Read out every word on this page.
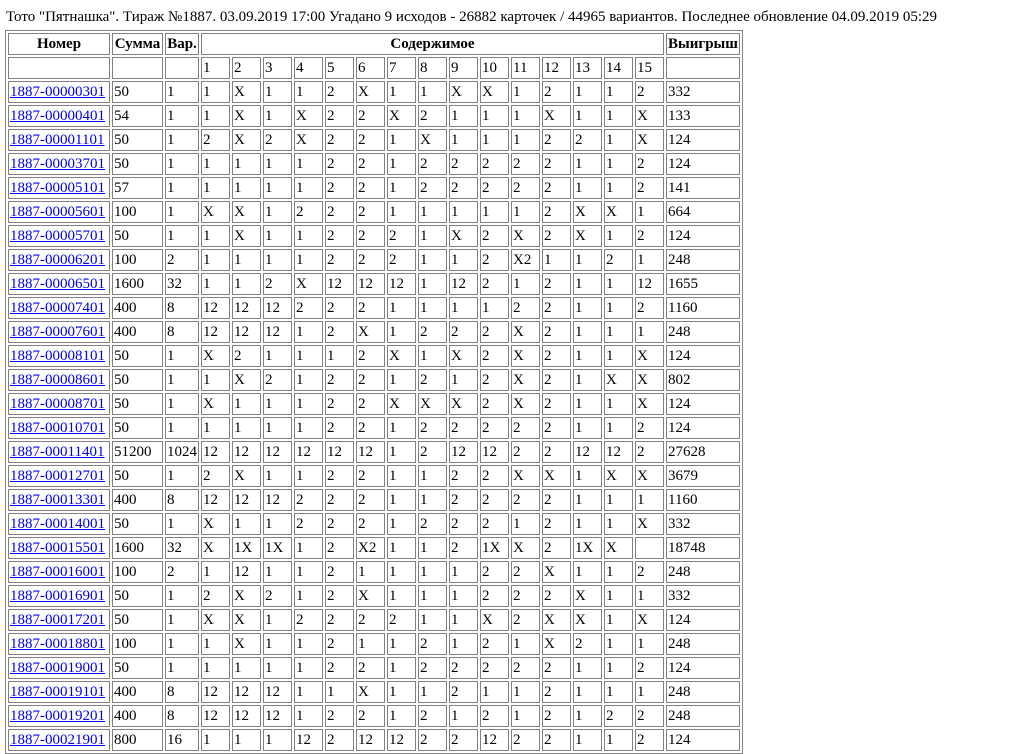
Тото "Пятнашка". Тираж №1887. 03.09.2019 17:00 Угадано 9 исходов - 26882 карточек / 44965 вариантов. Последнее обновление 04.09.2019 05:29
Номер	Сумма	Вар.	Содержимое															Выигрыш
			1	2	3	4	5	6	7	8	9	10	11	12	13	14	15	
1887-00000301	50	1	1	X	1	1	2	X	1	1	X	X	1	2	1	1	2	332
1887-00000401	54	1	1	X	1	X	2	2	X	2	1	1	1	X	1	1	X	133
1887-00001101	50	1	2	X	2	X	2	2	1	X	1	1	1	2	2	1	X	124
1887-00003701	50	1	1	1	1	1	2	2	1	2	2	2	2	2	1	1	2	124
1887-00005101	57	1	1	1	1	1	2	2	1	2	2	2	2	2	1	1	2	141
1887-00005601	100	1	X	X	1	2	2	2	1	1	1	1	1	2	X	X	1	664
1887-00005701	50	1	1	X	1	1	2	2	2	1	X	2	X	2	X	1	2	124
1887-00006201	100	2	1	1	1	1	2	2	2	1	1	2	X2	1	1	2	1	248
1887-00006501	1600	32	1	1	2	X	12	12	12	1	12	2	1	2	1	1	12	1655
1887-00007401	400	8	12	12	12	2	2	2	1	1	1	1	2	2	1	1	2	1160
1887-00007601	400	8	12	12	12	1	2	X	1	2	2	2	X	2	1	1	1	248
1887-00008101	50	1	X	2	1	1	1	2	X	1	X	2	X	2	1	1	X	124
1887-00008601	50	1	1	X	2	1	2	2	1	2	1	2	X	2	1	X	X	802
1887-00008701	50	1	X	1	1	1	2	2	X	X	X	2	X	2	1	1	X	124
1887-00010701	50	1	1	1	1	1	2	2	1	2	2	2	2	2	1	1	2	124
1887-00011401	51200	1024	12	12	12	12	12	12	1	2	12	12	2	2	12	12	2	27628
1887-00012701	50	1	2	X	1	1	2	2	1	1	2	2	X	X	1	X	X	3679
1887-00013301	400	8	12	12	12	2	2	2	1	1	2	2	2	2	1	1	1	1160
1887-00014001	50	1	X	1	1	2	2	2	1	2	2	2	1	2	1	1	X	332
1887-00015501	1600	32	X	1X	1X	1	2	X2	1	1	2	1X	X	2	1X	X		18748
1887-00016001	100	2	1	12	1	1	2	1	1	1	1	2	2	X	1	1	2	248
1887-00016901	50	1	2	X	2	1	2	X	1	1	1	2	2	2	X	1	1	332
1887-00017201	50	1	X	X	1	2	2	2	2	1	1	X	2	X	X	1	X	124
1887-00018801	100	1	1	X	1	1	2	1	1	2	1	2	1	X	2	1	1	248
1887-00019001	50	1	1	1	1	1	2	2	1	2	2	2	2	2	1	1	2	124
1887-00019101	400	8	12	12	12	1	1	X	1	1	2	1	1	2	1	1	1	248
1887-00019201	400	8	12	12	12	1	2	2	1	2	1	2	1	2	1	2	2	248
1887-00021901	800	16	1	1	1	12	2	12	12	2	2	12	2	2	1	1	2	124
